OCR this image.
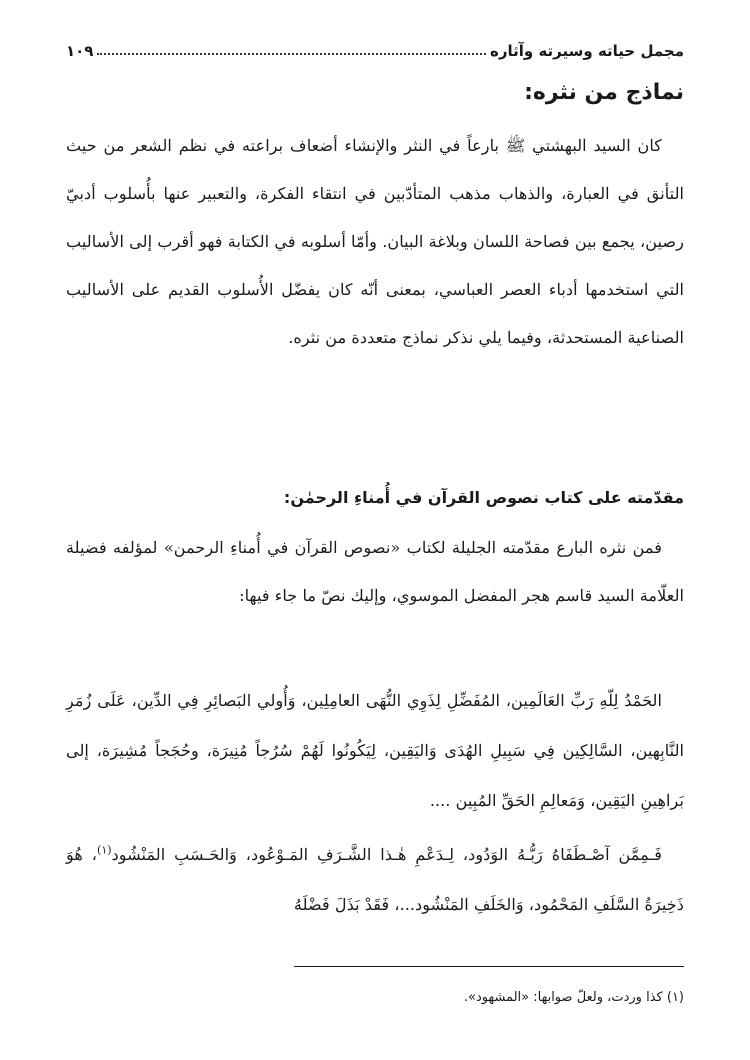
مجمل حياته وسيرته وآثاره
١٠٩
نماذج من نثره:
كان السيد البهشتي ﷺ بارعاً في النثر والإنشاء أضعاف براعته في نظم الشعر من حيث التأنق في العبارة، والذهاب مذهب المتأدّبين في انتقاء الفكرة، والتعبير عنها بأُسلوب أدبيّ رصين، يجمع بين فصاحة اللسان وبلاغة البيان. وأمّا أسلوبه في الكتابة فهو أقرب إلى الأساليب التي استخدمها أدباء العصر العباسي، بمعنى أنّه كان يفضّل الأُسلوب القديم على الأساليب الصناعية المستحدثة، وفيما يلي نذكر نماذج متعددة من نثره.
مقدّمته على كتاب نصوص القرآن في أُمناءِ الرحمٰن:
فمن نثره البارع مقدّمته الجليلة لكتاب «نصوص القرآن في أُمناءِ الرحمن» لمؤلفه فضيلة العلّامة السيد قاسم هجر المفضل الموسوي، وإليك نصّ ما جاء فيها:
الحَمْدُ لِلّهِ رَبِّ العَالَمِين، المُفَضِّلِ لِذَوِي النُّهَى العامِلِين، وَأُولي البَصائِرِ فِي الدِّين، عَلَى زُمَرِ النَّابِهين، السَّالِكِين فِي سَبِيلِ الهُدَى وَاليَقِين، لِيَكُونُوا لَهُمْ سُرُجاً مُنِيرَة، وحُجَجاً مُشِيرَة، إلى بَراهِينِ اليَقِين، وَمَعالِمِ الحَقِّ المُبِين ....
فَـمِمَّن آصْـطَفَاهُ رَبُّـهُ الوَدُود، لِـدَعْمِ هٰـذا الشَّـرَفِ المَـوْعُود، وَالحَـسَبِ المَنْشُود$^{(١)}$، هُوَ ذَخِيرَةُ السَّلَفِ المَحْمُود، وَالخَلَفِ المَنْشُود...، فَقَدْ بَذَلَ فَضْلَهُ
(١) كذا وردت، ولعلّ صوابها: «المشهود».
